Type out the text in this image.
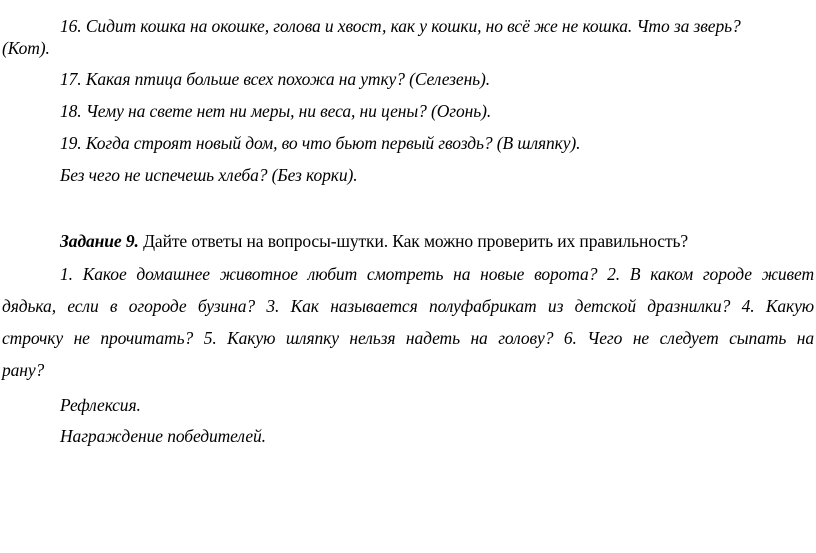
16. Сидит кошка на окошке, голова и хвост, как у кошки, но всё же не кошка. Что за зверь?
(Кот).
17. Какая птица больше всех похожа на утку? (Селезень).
18. Чему на свете нет ни меры, ни веса, ни цены? (Огонь).
19. Когда строят новый дом, во что бьют первый гвоздь? (В шляпку).
Без чего не испечешь хлеба? (Без корки).
Задание 9. Дайте ответы на вопросы-шутки. Как можно проверить их правильность?
1. Какое домашнее животное любит смотреть на новые ворота? 2. В каком городе живет
дядька, если в огороде бузина? 3. Как называется полуфабрикат из детской дразнилки? 4. Какую
строчку не прочитать? 5. Какую шляпку нельзя надеть на голову? 6. Чего не следует сыпать на
рану?
Рефлексия.
Награждение победителей.
